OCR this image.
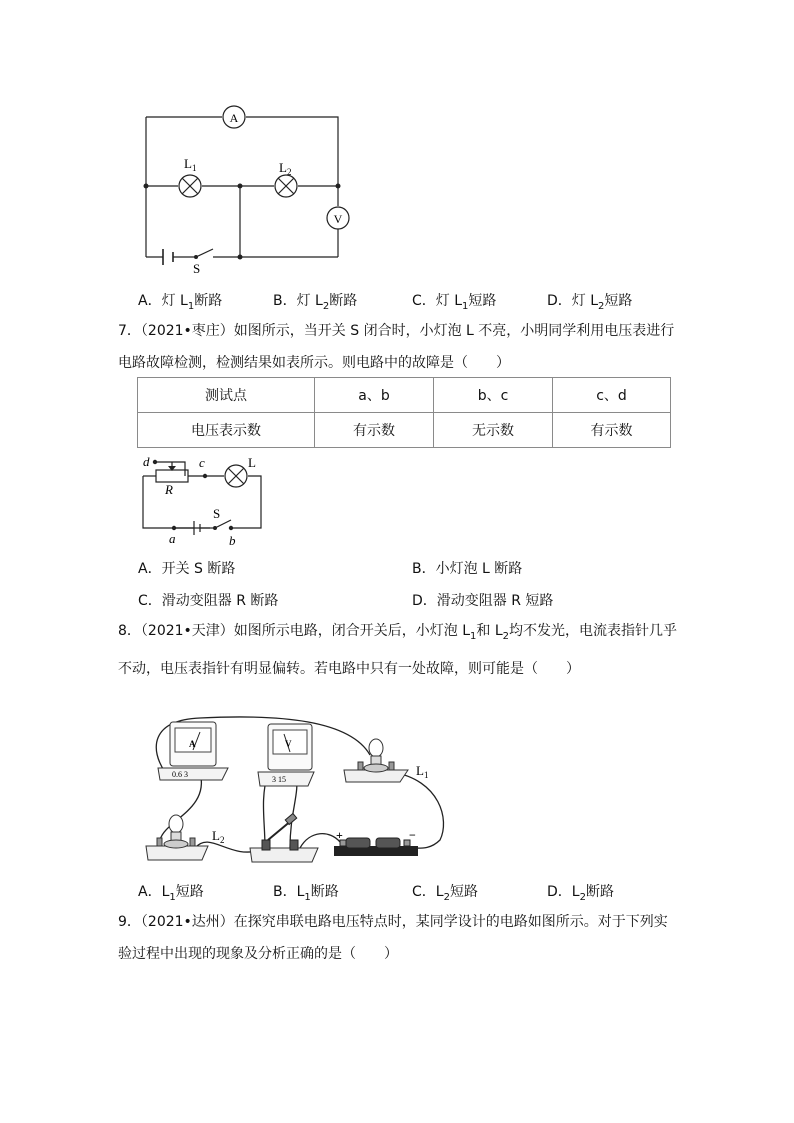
A
V
$L_1$	$L_2$
S
A．灯 $L_1$断路	B．灯 $L_2$断路	C．灯 $L_1$短路	D．灯 $L_2$短路
7．（2021•枣庄）如图所示，当开关 S 闭合时，小灯泡 L 不亮，小明同学利用电压表进行电路故障检测，检测结果如表所示。则电路中的故障是（　　）
测试点	a、b	b、c	c、d
电压表示数	有示数	无示数	有示数
d	c	L
R
S
a	b
A．开关 S 断路	B．小灯泡 L 断路
C．滑动变阻器 R 断路	D．滑动变阻器 R 短路
8．（2021•天津）如图所示电路，闭合开关后，小灯泡 $L_1$和 $L_2$均不发光，电流表指针几乎不动，电压表指针有明显偏转。若电路中只有一处故障，则可能是（　　）
A
0.6 3
V
3 15
$L_1$
$L_2$	+	−
A．$L_1$短路	B．$L_1$断路	C．$L_2$短路	D．$L_2$断路
9．（2021•达州）在探究串联电路电压特点时，某同学设计的电路如图所示。对于下列实验过程中出现的现象及分析正确的是（　　）
